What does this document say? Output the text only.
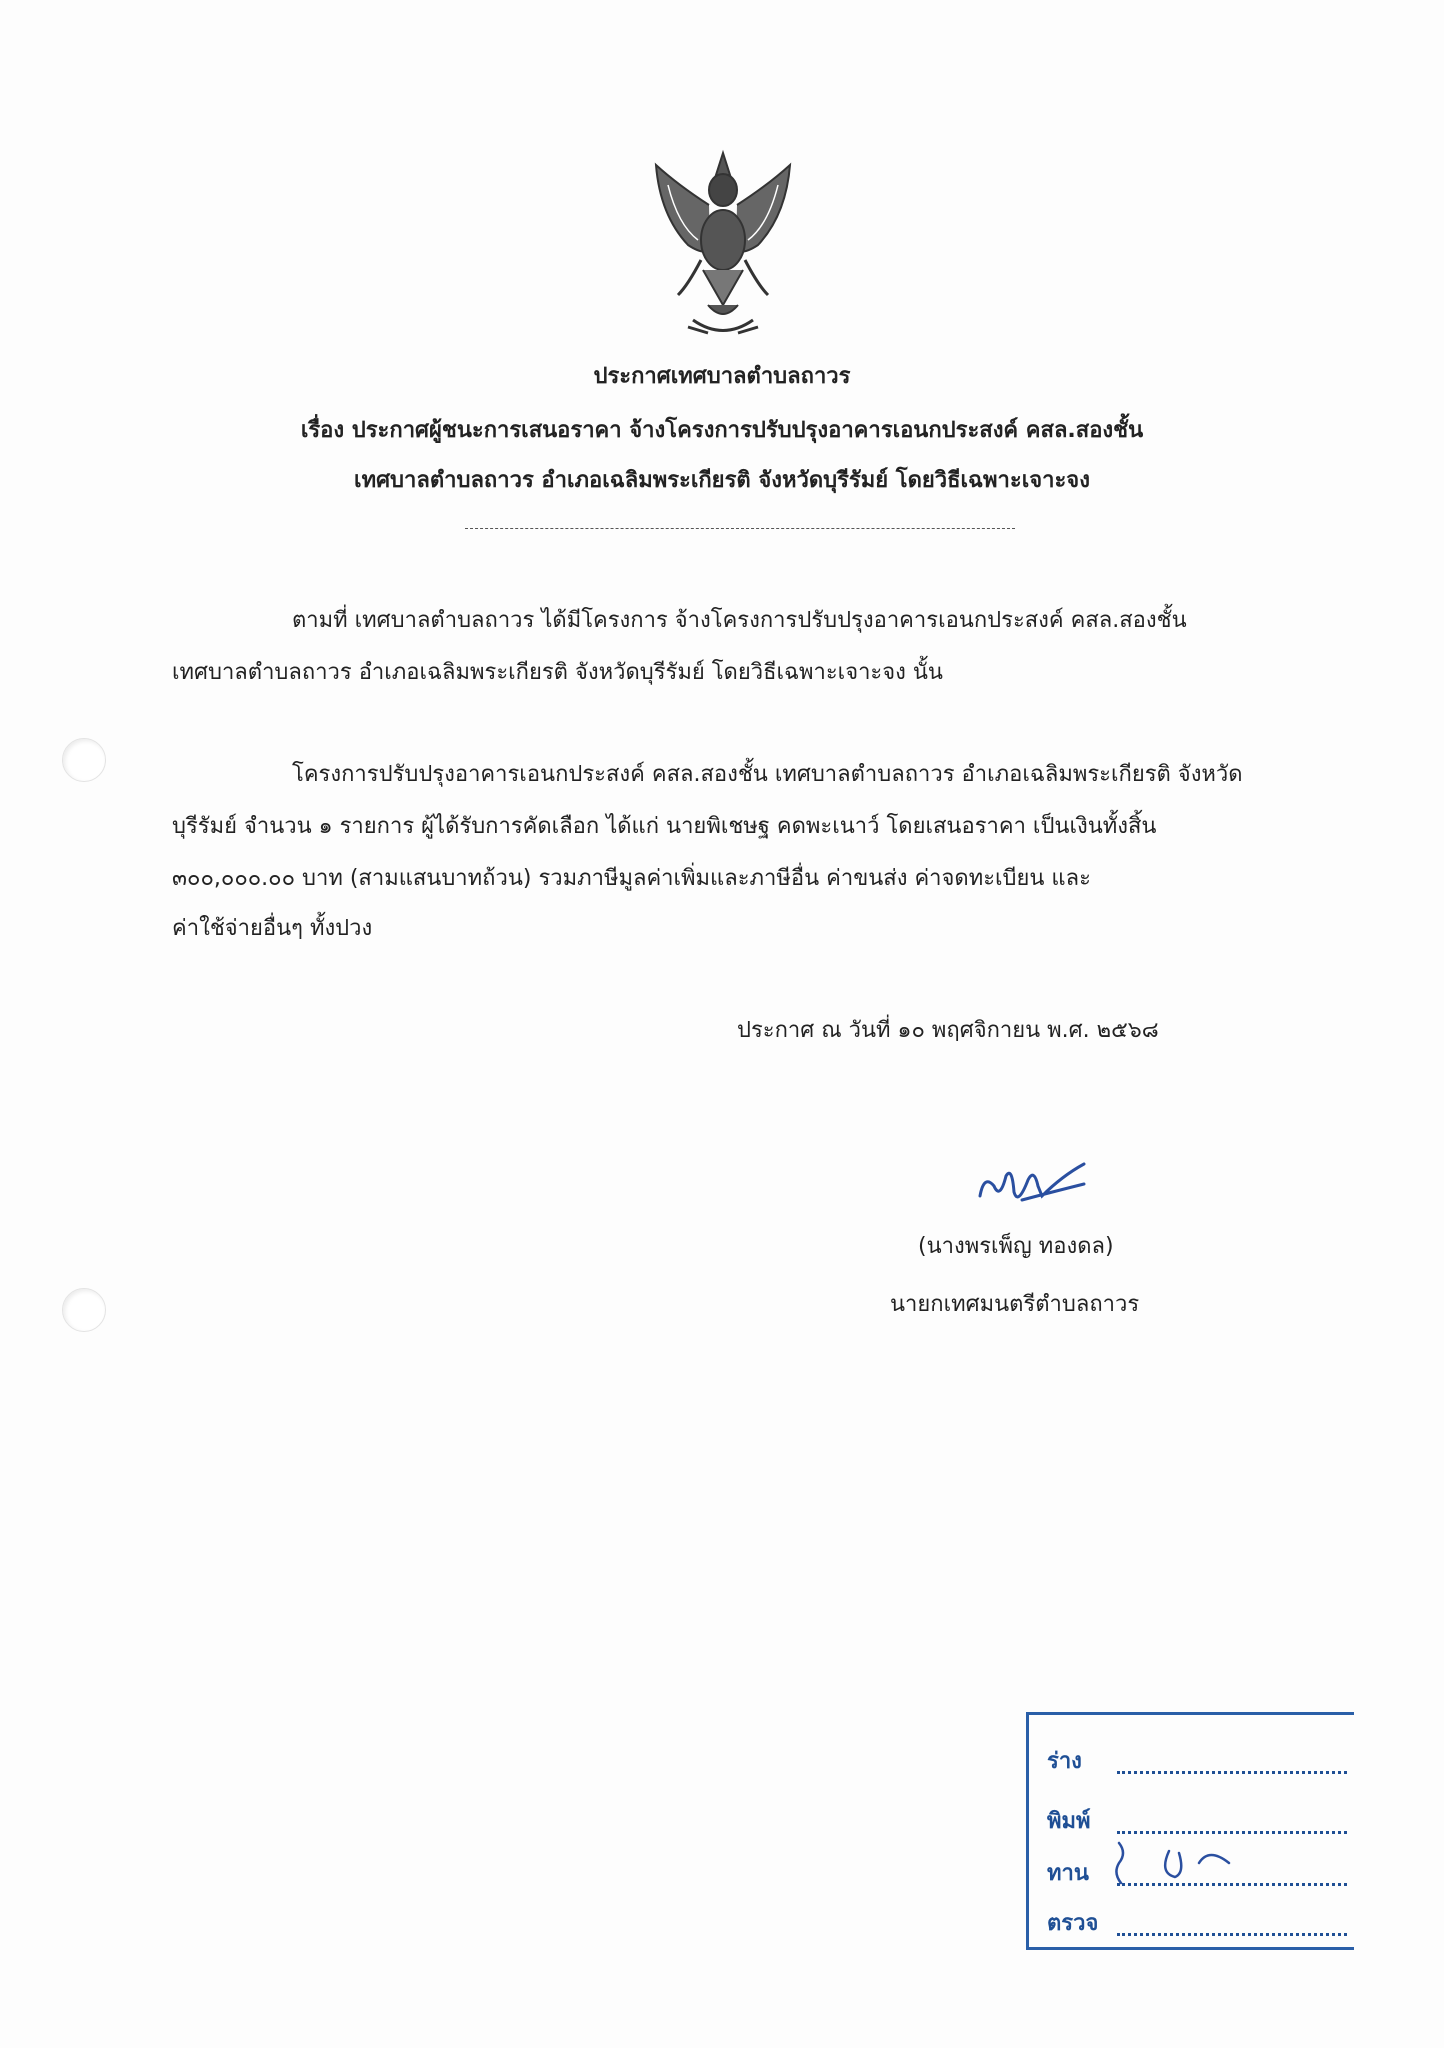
ประกาศเทศบาลตำบลถาวร
เรื่อง ประกาศผู้ชนะการเสนอราคา จ้างโครงการปรับปรุงอาคารเอนกประสงค์ คสล.สองชั้น
เทศบาลตำบลถาวร อำเภอเฉลิมพระเกียรติ จังหวัดบุรีรัมย์ โดยวิธีเฉพาะเจาะจง
ตามที่ เทศบาลตำบลถาวร ได้มีโครงการ จ้างโครงการปรับปรุงอาคารเอนกประสงค์ คสล.สองชั้น
เทศบาลตำบลถาวร อำเภอเฉลิมพระเกียรติ จังหวัดบุรีรัมย์ โดยวิธีเฉพาะเจาะจง นั้น
โครงการปรับปรุงอาคารเอนกประสงค์ คสล.สองชั้น เทศบาลตำบลถาวร อำเภอเฉลิมพระเกียรติ จังหวัด
บุรีรัมย์ จำนวน ๑ รายการ ผู้ได้รับการคัดเลือก ได้แก่ นายพิเชษฐ คดพะเนาว์ โดยเสนอราคา เป็นเงินทั้งสิ้น
๓๐๐,๐๐๐.๐๐ บาท (สามแสนบาทถ้วน) รวมภาษีมูลค่าเพิ่มและภาษีอื่น ค่าขนส่ง ค่าจดทะเบียน และ
ค่าใช้จ่ายอื่นๆ ทั้งปวง
ประกาศ ณ วันที่ ๑๐ พฤศจิกายน พ.ศ. ๒๕๖๘
(นางพรเพ็ญ ทองดล)
นายกเทศมนตรีตำบลถาวร
ร่าง
พิมพ์
ทาน
ตรวจ
